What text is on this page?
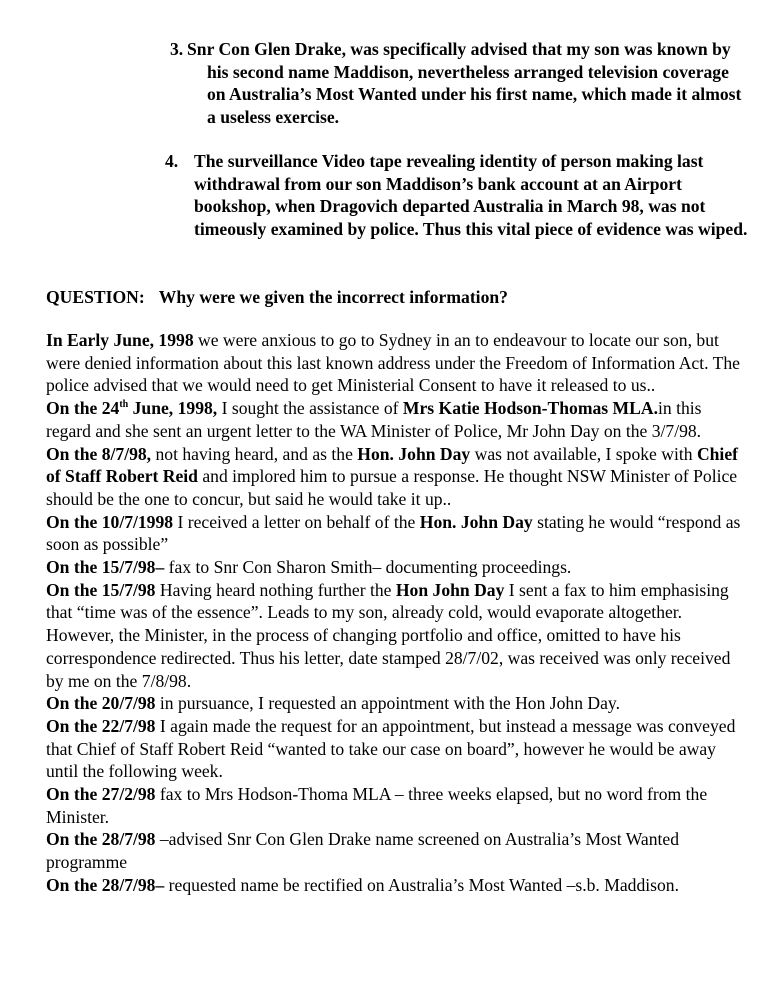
3. Snr Con Glen Drake, was specifically advised that my son was known by his second name Maddison, nevertheless arranged television coverage on Australia’s Most Wanted under his first name, which made it almost a useless exercise.
4. The surveillance Video tape revealing identity of person making last withdrawal from our son Maddison’s bank account at an Airport bookshop, when Dragovich departed Australia in March 98, was not timeously examined by police. Thus this vital piece of evidence was wiped.
QUESTION: Why were we given the incorrect information?

In Early June, 1998 we were anxious to go to Sydney in an to endeavour to locate our son, but were denied information about this last known address under the Freedom of Information Act. The police advised that we would need to get Ministerial Consent to have it released to us..

On the 24th June, 1998, I sought the assistance of Mrs Katie Hodson-Thomas MLA.in this regard and she sent an urgent letter to the WA Minister of Police, Mr John Day on the 3/7/98.

On the 8/7/98, not having heard, and as the Hon. John Day was not available, I spoke with Chief of Staff Robert Reid and implored him to pursue a response. He thought NSW Minister of Police should be the one to concur, but said he would take it up..

On the 10/7/1998 I received a letter on behalf of the Hon. John Day stating he would “respond as soon as possible”

On the 15/7/98– fax to Snr Con Sharon Smith– documenting proceedings.

On the 15/7/98 Having heard nothing further the Hon John Day I sent a fax to him emphasising that “time was of the essence”. Leads to my son, already cold, would evaporate altogether. However, the Minister, in the process of changing portfolio and office, omitted to have his correspondence redirected. Thus his letter, date stamped 28/7/02, was received was only received by me on the 7/8/98.

On the 20/7/98 in pursuance, I requested an appointment with the Hon John Day.

On the 22/7/98 I again made the request for an appointment, but instead a message was conveyed that Chief of Staff Robert Reid “wanted to take our case on board”, however he would be away until the following week.

On the 27/2/98 fax to Mrs Hodson-Thoma MLA – three weeks elapsed, but no word from the Minister.

On the 28/7/98 –advised Snr Con Glen Drake name screened on Australia’s Most Wanted programme

On the 28/7/98– requested name be rectified on Australia’s Most Wanted –s.b. Maddison.
